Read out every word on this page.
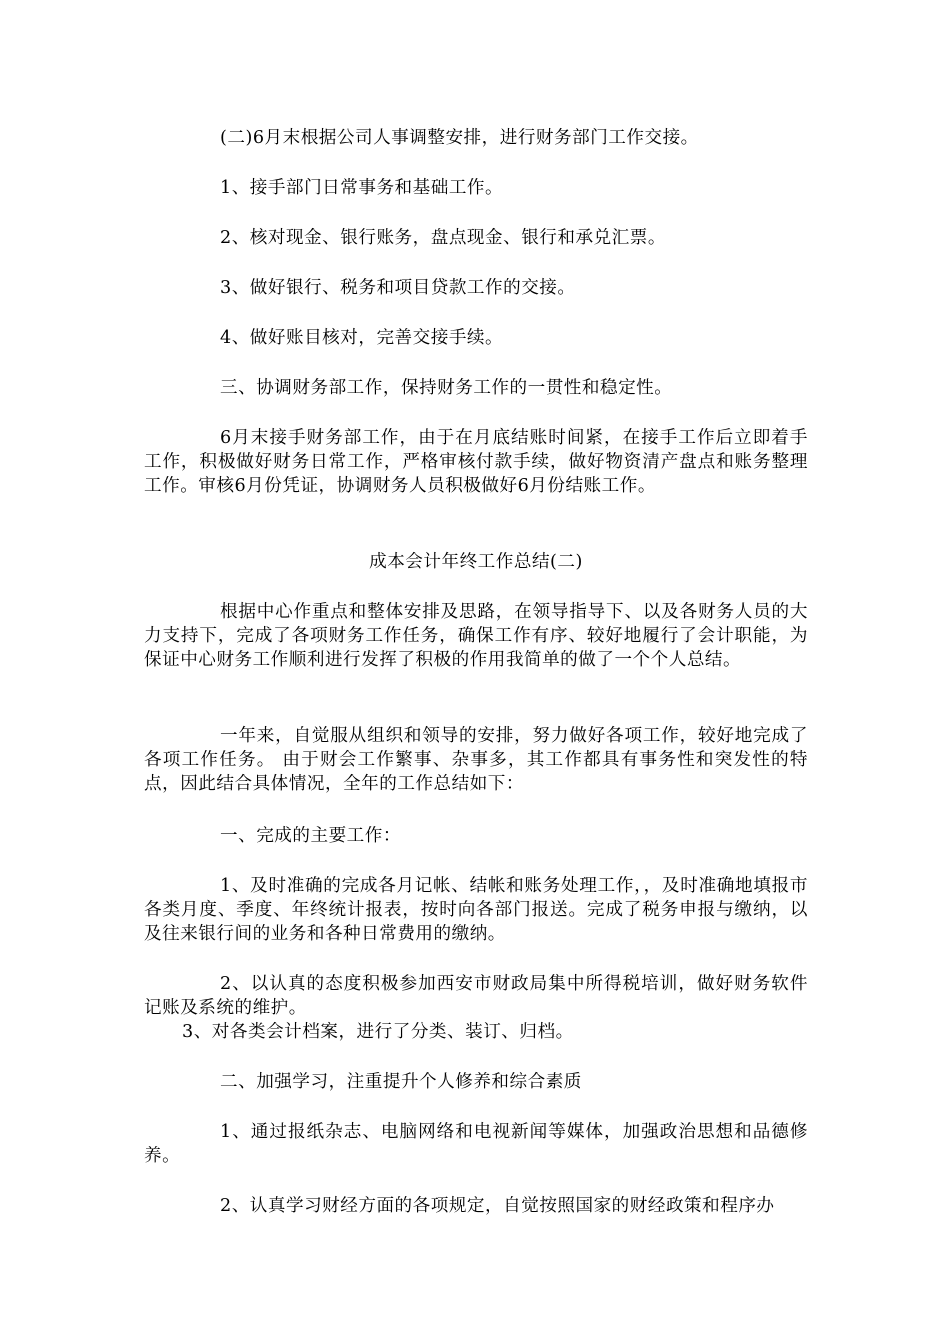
(二)6月末根据公司人事调整安排，进行财务部门工作交接。

1、接手部门日常事务和基础工作。

2、核对现金、银行账务，盘点现金、银行和承兑汇票。

3、做好银行、税务和项目贷款工作的交接。

4、做好账目核对，完善交接手续。

三、协调财务部工作，保持财务工作的一贯性和稳定性。

6月末接手财务部工作，由于在月底结账时间紧，在接手工作后立即着手工作，积极做好财务日常工作，严格审核付款手续，做好物资清产盘点和账务整理工作。审核6月份凭证，协调财务人员积极做好6月份结账工作。

成本会计年终工作总结(二)

根据中心作重点和整体安排及思路，在领导指导下、以及各财务人员的大力支持下，完成了各项财务工作任务，确保工作有序、较好地履行了会计职能，为保证中心财务工作顺利进行发挥了积极的作用我简单的做了一个个人总结。

一年来，自觉服从组织和领导的安排，努力做好各项工作，较好地完成了各项工作任务。 由于财会工作繁事、杂事多，其工作都具有事务性和突发性的特点，因此结合具体情况，全年的工作总结如下：

一、完成的主要工作：

1、及时准确的完成各月记帐、结帐和账务处理工作，，及时准确地填报市各类月度、季度、年终统计报表，按时向各部门报送。完成了税务申报与缴纳，以及往来银行间的业务和各种日常费用的缴纳。

2、以认真的态度积极参加西安市财政局集中所得税培训，做好财务软件记账及系统的维护。

3、对各类会计档案，进行了分类、装订、归档。

二、加强学习，注重提升个人修养和综合素质

1、通过报纸杂志、电脑网络和电视新闻等媒体，加强政治思想和品德修养。

2、认真学习财经方面的各项规定，自觉按照国家的财经政策和程序办
